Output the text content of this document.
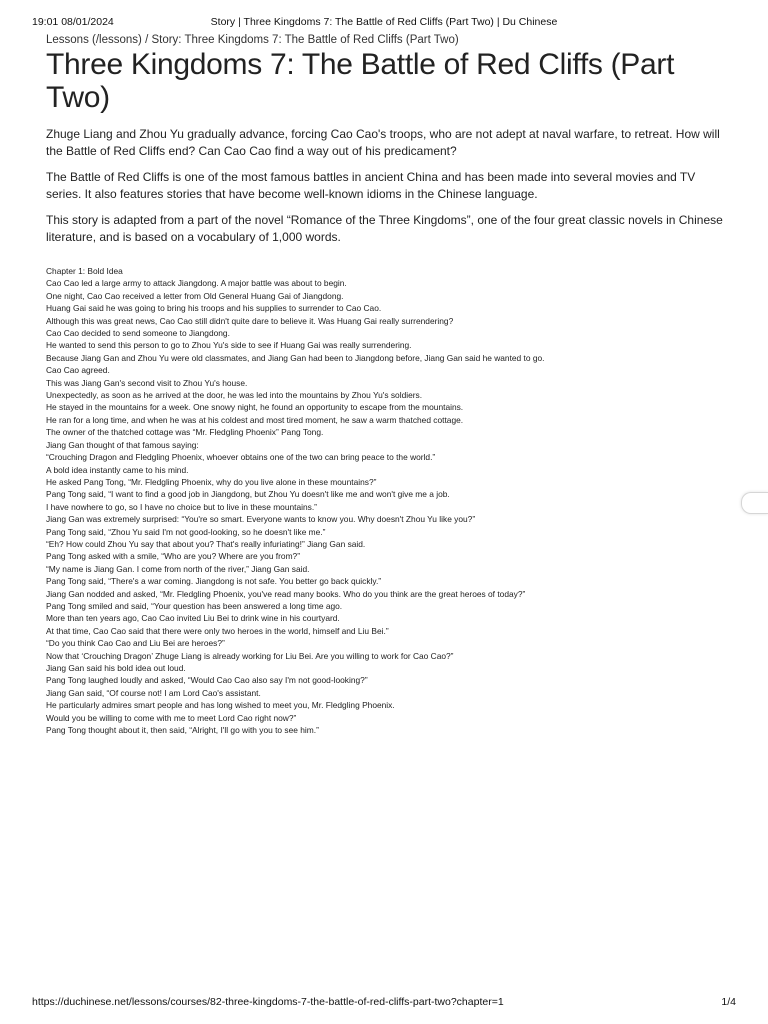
19:01 08/01/2024	Story | Three Kingdoms 7: The Battle of Red Cliffs (Part Two) | Du Chinese
Lessons (/lessons) / Story: Three Kingdoms 7: The Battle of Red Cliffs (Part Two)
Three Kingdoms 7: The Battle of Red Cliffs (Part Two)

Zhuge Liang and Zhou Yu gradually advance, forcing Cao Cao's troops, who are not adept at naval warfare, to retreat. How will the Battle of Red Cliffs end? Can Cao Cao find a way out of his predicament?

The Battle of Red Cliffs is one of the most famous battles in ancient China and has been made into several movies and TV series. It also features stories that have become well-known idioms in the Chinese language.

This story is adapted from a part of the novel “Romance of the Three Kingdoms”, one of the four great classic novels in Chinese literature, and is based on a vocabulary of 1,000 words.

Chapter 1: Bold Idea
Cao Cao led a large army to attack Jiangdong. A major battle was about to begin.
One night, Cao Cao received a letter from Old General Huang Gai of Jiangdong.
Huang Gai said he was going to bring his troops and his supplies to surrender to Cao Cao.
Although this was great news, Cao Cao still didn't quite dare to believe it. Was Huang Gai really surrendering?
Cao Cao decided to send someone to Jiangdong.
He wanted to send this person to go to Zhou Yu's side to see if Huang Gai was really surrendering.
Because Jiang Gan and Zhou Yu were old classmates, and Jiang Gan had been to Jiangdong before, Jiang Gan said he wanted to go.
Cao Cao agreed.
This was Jiang Gan's second visit to Zhou Yu's house.
Unexpectedly, as soon as he arrived at the door, he was led into the mountains by Zhou Yu's soldiers.
He stayed in the mountains for a week. One snowy night, he found an opportunity to escape from the mountains.
He ran for a long time, and when he was at his coldest and most tired moment, he saw a warm thatched cottage.
The owner of the thatched cottage was “Mr. Fledgling Phoenix” Pang Tong.
Jiang Gan thought of that famous saying:
“Crouching Dragon and Fledgling Phoenix, whoever obtains one of the two can bring peace to the world.”
A bold idea instantly came to his mind.
He asked Pang Tong, “Mr. Fledgling Phoenix, why do you live alone in these mountains?”
Pang Tong said, “I want to find a good job in Jiangdong, but Zhou Yu doesn't like me and won't give me a job.
I have nowhere to go, so I have no choice but to live in these mountains.”
Jiang Gan was extremely surprised: “You're so smart. Everyone wants to know you. Why doesn't Zhou Yu like you?”
Pang Tong said, “Zhou Yu said I'm not good-looking, so he doesn't like me.”
“Eh? How could Zhou Yu say that about you? That's really infuriating!” Jiang Gan said.
Pang Tong asked with a smile, “Who are you? Where are you from?”
“My name is Jiang Gan. I come from north of the river,” Jiang Gan said.
Pang Tong said, “There's a war coming. Jiangdong is not safe. You better go back quickly.”
Jiang Gan nodded and asked, “Mr. Fledgling Phoenix, you've read many books. Who do you think are the great heroes of today?”
Pang Tong smiled and said, “Your question has been answered a long time ago.
More than ten years ago, Cao Cao invited Liu Bei to drink wine in his courtyard.
At that time, Cao Cao said that there were only two heroes in the world, himself and Liu Bei.”
“Do you think Cao Cao and Liu Bei are heroes?”
Now that ‘Crouching Dragon’ Zhuge Liang is already working for Liu Bei. Are you willing to work for Cao Cao?”
Jiang Gan said his bold idea out loud.
Pang Tong laughed loudly and asked, “Would Cao Cao also say I'm not good-looking?”
Jiang Gan said, “Of course not! I am Lord Cao's assistant.
He particularly admires smart people and has long wished to meet you, Mr. Fledgling Phoenix.
Would you be willing to come with me to meet Lord Cao right now?”
Pang Tong thought about it, then said, “Alright, I'll go with you to see him.”
https://duchinese.net/lessons/courses/82-three-kingdoms-7-the-battle-of-red-cliffs-part-two?chapter=1	1/4
